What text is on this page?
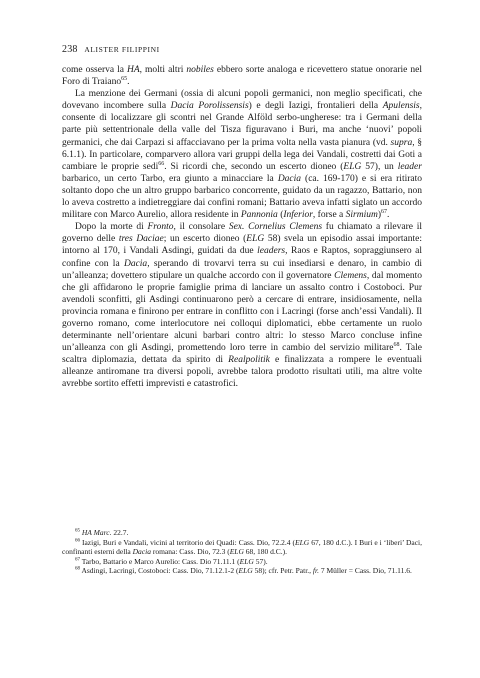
238 ALISTER FILIPPINI

come osserva la HA, molti altri nobiles ebbero sorte analoga e ricevettero statue onorarie nel Foro di Traiano$^{65}$.

La menzione dei Germani (ossia di alcuni popoli germanici, non meglio specificati, che dovevano incombere sulla Dacia Porolissensis) e degli Iazigi, frontalieri della Apulensis, consente di localizzare gli scontri nel Grande Alföld serbo-ungherese: tra i Germani della parte più settentrionale della valle del Tisza figuravano i Buri, ma anche ‘nuovi’ popoli germanici, che dai Carpazi si affacciavano per la prima volta nella vasta pianura (vd. supra, § 6.1.1). In particolare, comparvero allora vari gruppi della lega dei Vandali, costretti dai Goti a cambiare le proprie sedi$^{66}$. Si ricordi che, secondo un escerto dioneo (ELG 57), un leader barbarico, un certo Tarbo, era giunto a minacciare la Dacia (ca. 169-170) e si era ritirato soltanto dopo che un altro gruppo barbarico concorrente, guidato da un ragazzo, Battario, non lo aveva costretto a indietreggiare dai confini romani; Battario aveva infatti siglato un accordo militare con Marco Aurelio, allora residente in Pannonia (Inferior, forse a Sirmium)$^{67}$.

Dopo la morte di Fronto, il consolare Sex. Cornelius Clemens fu chiamato a rilevare il governo delle tres Daciae; un escerto dioneo (ELG 58) svela un episodio assai importante: intorno al 170, i Vandali Asdingi, guidati da due leaders, Raos e Raptos, sopraggiunsero al confine con la Dacia, sperando di trovarvi terra su cui insediarsi e denaro, in cambio di un’alleanza; dovettero stipulare un qualche accordo con il governatore Clemens, dal momento che gli affidarono le proprie famiglie prima di lanciare un assalto contro i Costoboci. Pur avendoli sconfitti, gli Asdingi continuarono però a cercare di entrare, insidiosamente, nella provincia romana e finirono per entrare in conflitto con i Lacringi (forse anch’essi Vandali). Il governo romano, come interlocutore nei colloqui diplomatici, ebbe certamente un ruolo determinante nell’orientare alcuni barbari contro altri: lo stesso Marco concluse infine un’alleanza con gli Asdingi, promettendo loro terre in cambio del servizio militare$^{68}$. Tale scaltra diplomazia, dettata da spirito di Realpolitik e finalizzata a rompere le eventuali alleanze antiromane tra diversi popoli, avrebbe talora prodotto risultati utili, ma altre volte avrebbe sortito effetti imprevisti e catastrofici.

$^{65}$ HA Marc. 22.7.

$^{66}$ Iazigi, Buri e Vandali, vicini al territorio dei Quadi: Cass. Dio, 72.2.4 (ELG 67, 180 d.C.). I Buri e i ‘liberi’ Daci, confinanti esterni della Dacia romana: Cass. Dio, 72.3 (ELG 68, 180 d.C.).

$^{67}$ Tarbo, Battario e Marco Aurelio: Cass. Dio 71.11.1 (ELG 57).

$^{68}$ Asdingi, Lacringi, Costoboci: Cass. Dio, 71.12.1-2 (ELG 58); cfr. Petr. Patr., fr. 7 Müller = Cass. Dio, 71.11.6.
